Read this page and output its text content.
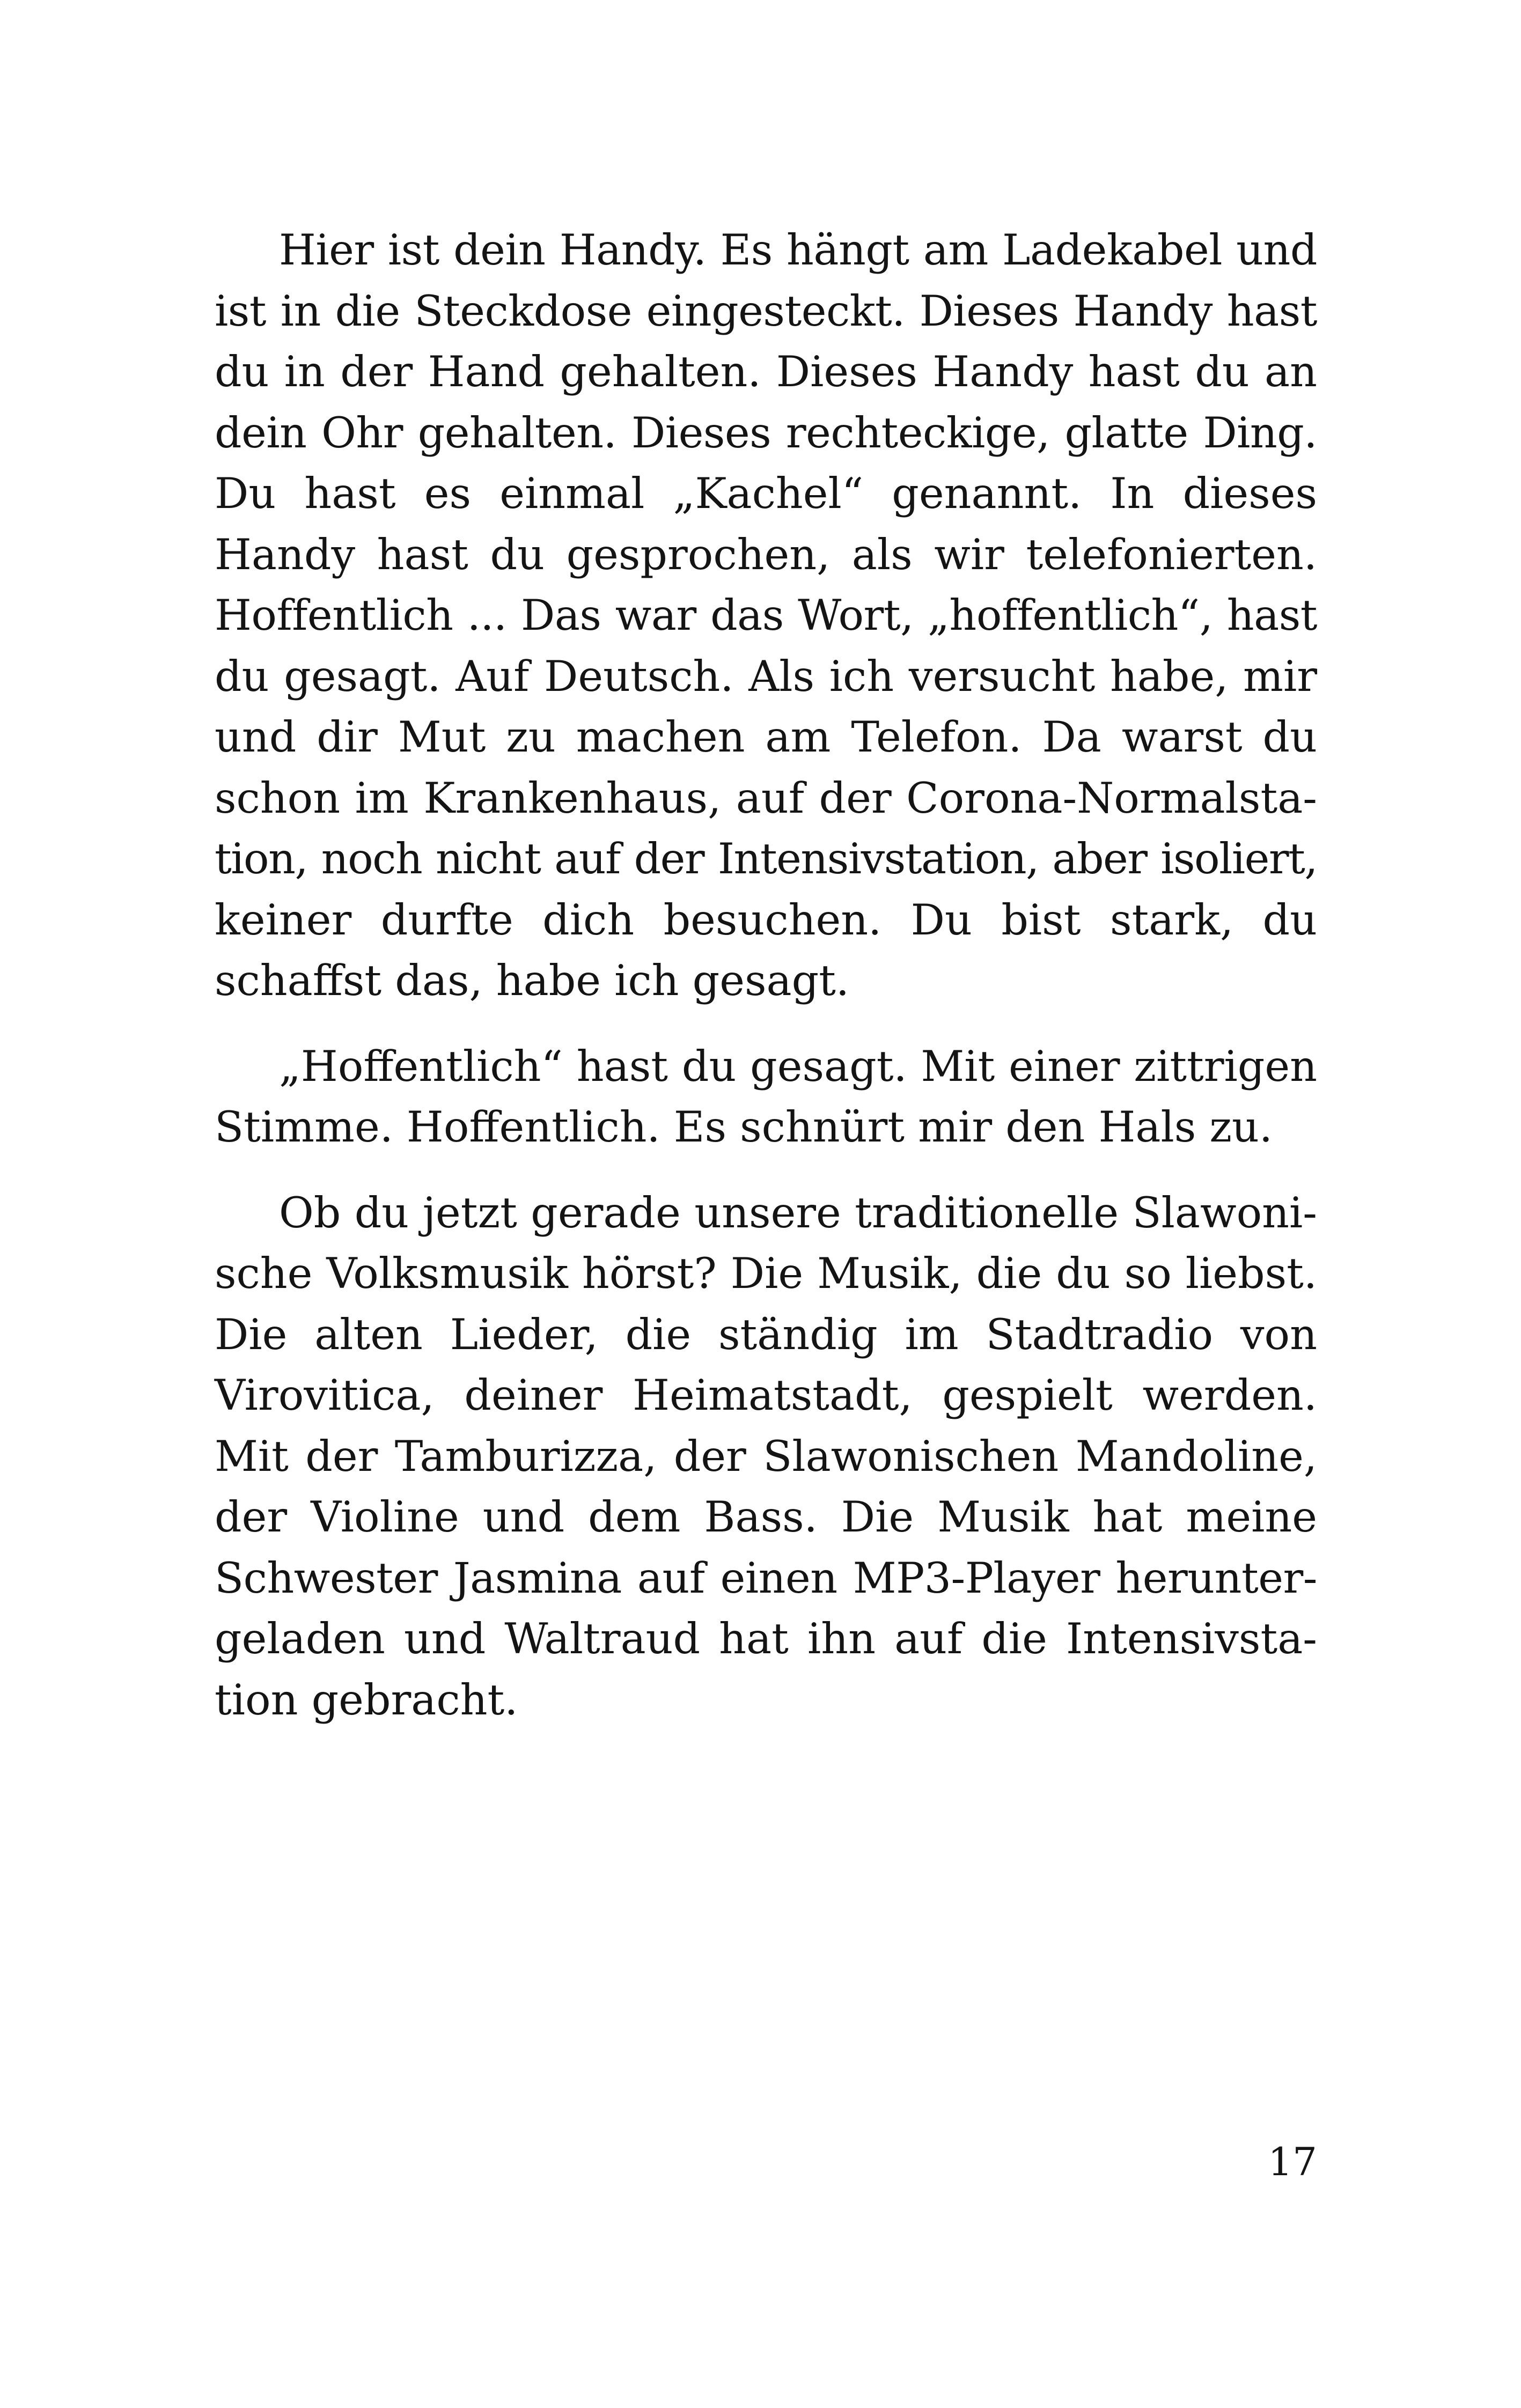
Hier ist dein Handy. Es hängt am Ladekabel und
ist in die Steckdose eingesteckt. Dieses Handy hast
du in der Hand gehalten. Dieses Handy hast du an
dein Ohr gehalten. Dieses rechteckige, glatte Ding.
Du hast es einmal „Kachel“ genannt. In dieses
Handy hast du gesprochen, als wir telefonierten.
Hoffentlich ... Das war das Wort, „hoffentlich“, hast
du gesagt. Auf Deutsch. Als ich versucht habe, mir
und dir Mut zu machen am Telefon. Da warst du
schon im Krankenhaus, auf der Corona-Normalsta-
tion, noch nicht auf der Intensivstation, aber isoliert,
keiner durfte dich besuchen. Du bist stark, du
schaffst das, habe ich gesagt.

„Hoffentlich“ hast du gesagt. Mit einer zittrigen
Stimme. Hoffentlich. Es schnürt mir den Hals zu.

Ob du jetzt gerade unsere traditionelle Slawoni-
sche Volksmusik hörst? Die Musik, die du so liebst.
Die alten Lieder, die ständig im Stadtradio von
Virovitica, deiner Heimatstadt, gespielt werden.
Mit der Tamburizza, der Slawonischen Mandoline,
der Violine und dem Bass. Die Musik hat meine
Schwester Jasmina auf einen MP3-Player herunter-
geladen und Waltraud hat ihn auf die Intensivsta-
tion gebracht.

17
